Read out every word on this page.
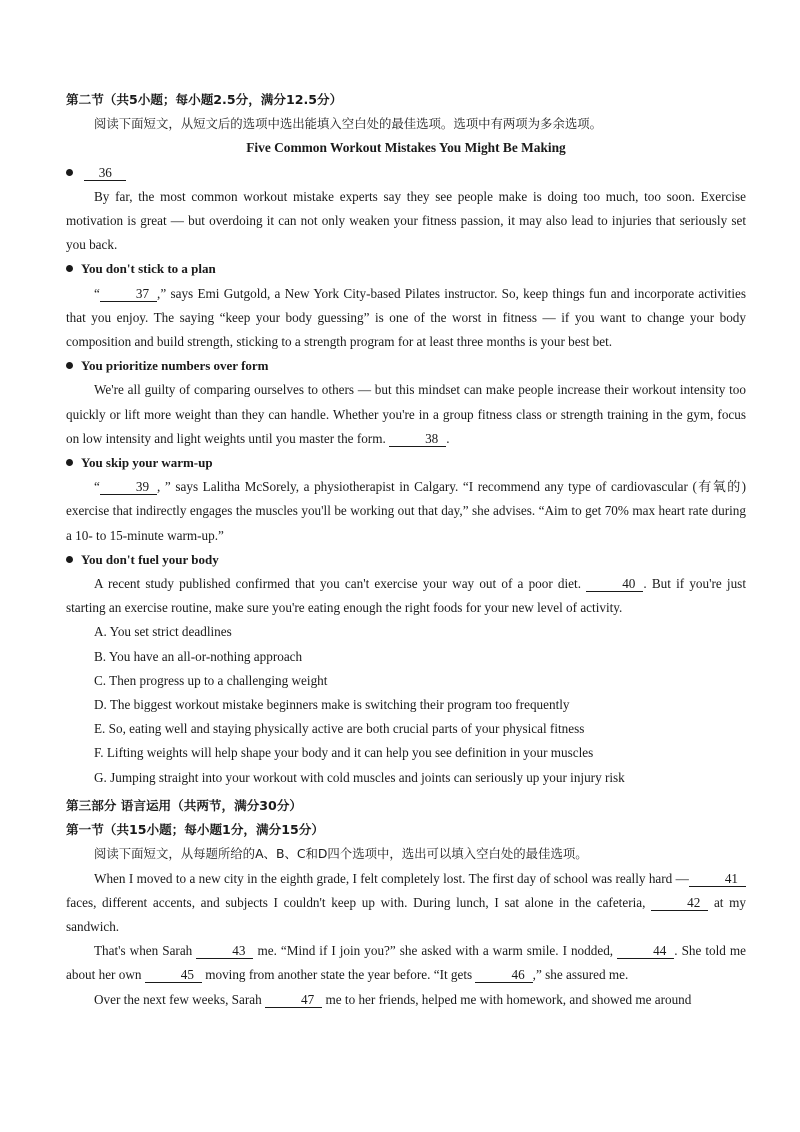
第二节（共5小题；每小题2.5分，满分12.5分）

阅读下面短文，从短文后的选项中选出能填入空白处的最佳选项。选项中有两项为多余选项。

Five Common Workout Mistakes You Might Be Making

36

By far, the most common workout mistake experts say they see people make is doing too much, too soon. Exercise motivation is great — but overdoing it can not only weaken your fitness passion, it may also lead to injuries that seriously set you back.

You don't stick to a plan

“	37 ,” says Emi Gutgold, a New York City-based Pilates instructor. So, keep things fun and incorporate activities that you enjoy. The saying “keep your body guessing” is one of the worst in fitness — if you want to change your body composition and build strength, sticking to a strength program for at least three months is your best bet.

You prioritize numbers over form

We're all guilty of comparing ourselves to others — but this mindset can make people increase their workout intensity too quickly or lift more weight than they can handle. Whether you're in a group fitness class or strength training in the gym, focus on low intensity and light weights until you master the form.	38 .

You skip your warm-up

“	39 , ” says Lalitha McSorely, a physiotherapist in Calgary. “I recommend any type of cardiovascular (有氧的) exercise that indirectly engages the muscles you'll be working out that day,” she advises. “Aim to get 70% max heart rate during a 10- to 15-minute warm-up.”

You don't fuel your body

A recent study published confirmed that you can't exercise your way out of a poor diet.	40 . But if you're just starting an exercise routine, make sure you're eating enough the right foods for your new level of activity.

A. You set strict deadlines

B. You have an all-or-nothing approach

C. Then progress up to a challenging weight

D. The biggest workout mistake beginners make is switching their program too frequently

E. So, eating well and staying physically active are both crucial parts of your physical fitness

F. Lifting weights will help shape your body and it can help you see definition in your muscles

G. Jumping straight into your workout with cold muscles and joints can seriously up your injury risk

第三部分 语言运用（共两节，满分30分）

第一节（共15小题；每小题1分，满分15分）

阅读下面短文，从每题所给的A、B、C和D四个选项中，选出可以填入空白处的最佳选项。

When I moved to a new city in the eighth grade, I felt completely lost. The first day of school was really hard —	41 faces, different accents, and subjects I couldn't keep up with. During lunch, I sat alone in the cafeteria,	42 at my sandwich.

That's when Sarah	43 me. “Mind if I join you?” she asked with a warm smile. I nodded,	44 . She told me about her own	45 moving from another state the year before. “It gets	46 ,” she assured me.

Over the next few weeks, Sarah	47 me to her friends, helped me with homework, and showed me around
